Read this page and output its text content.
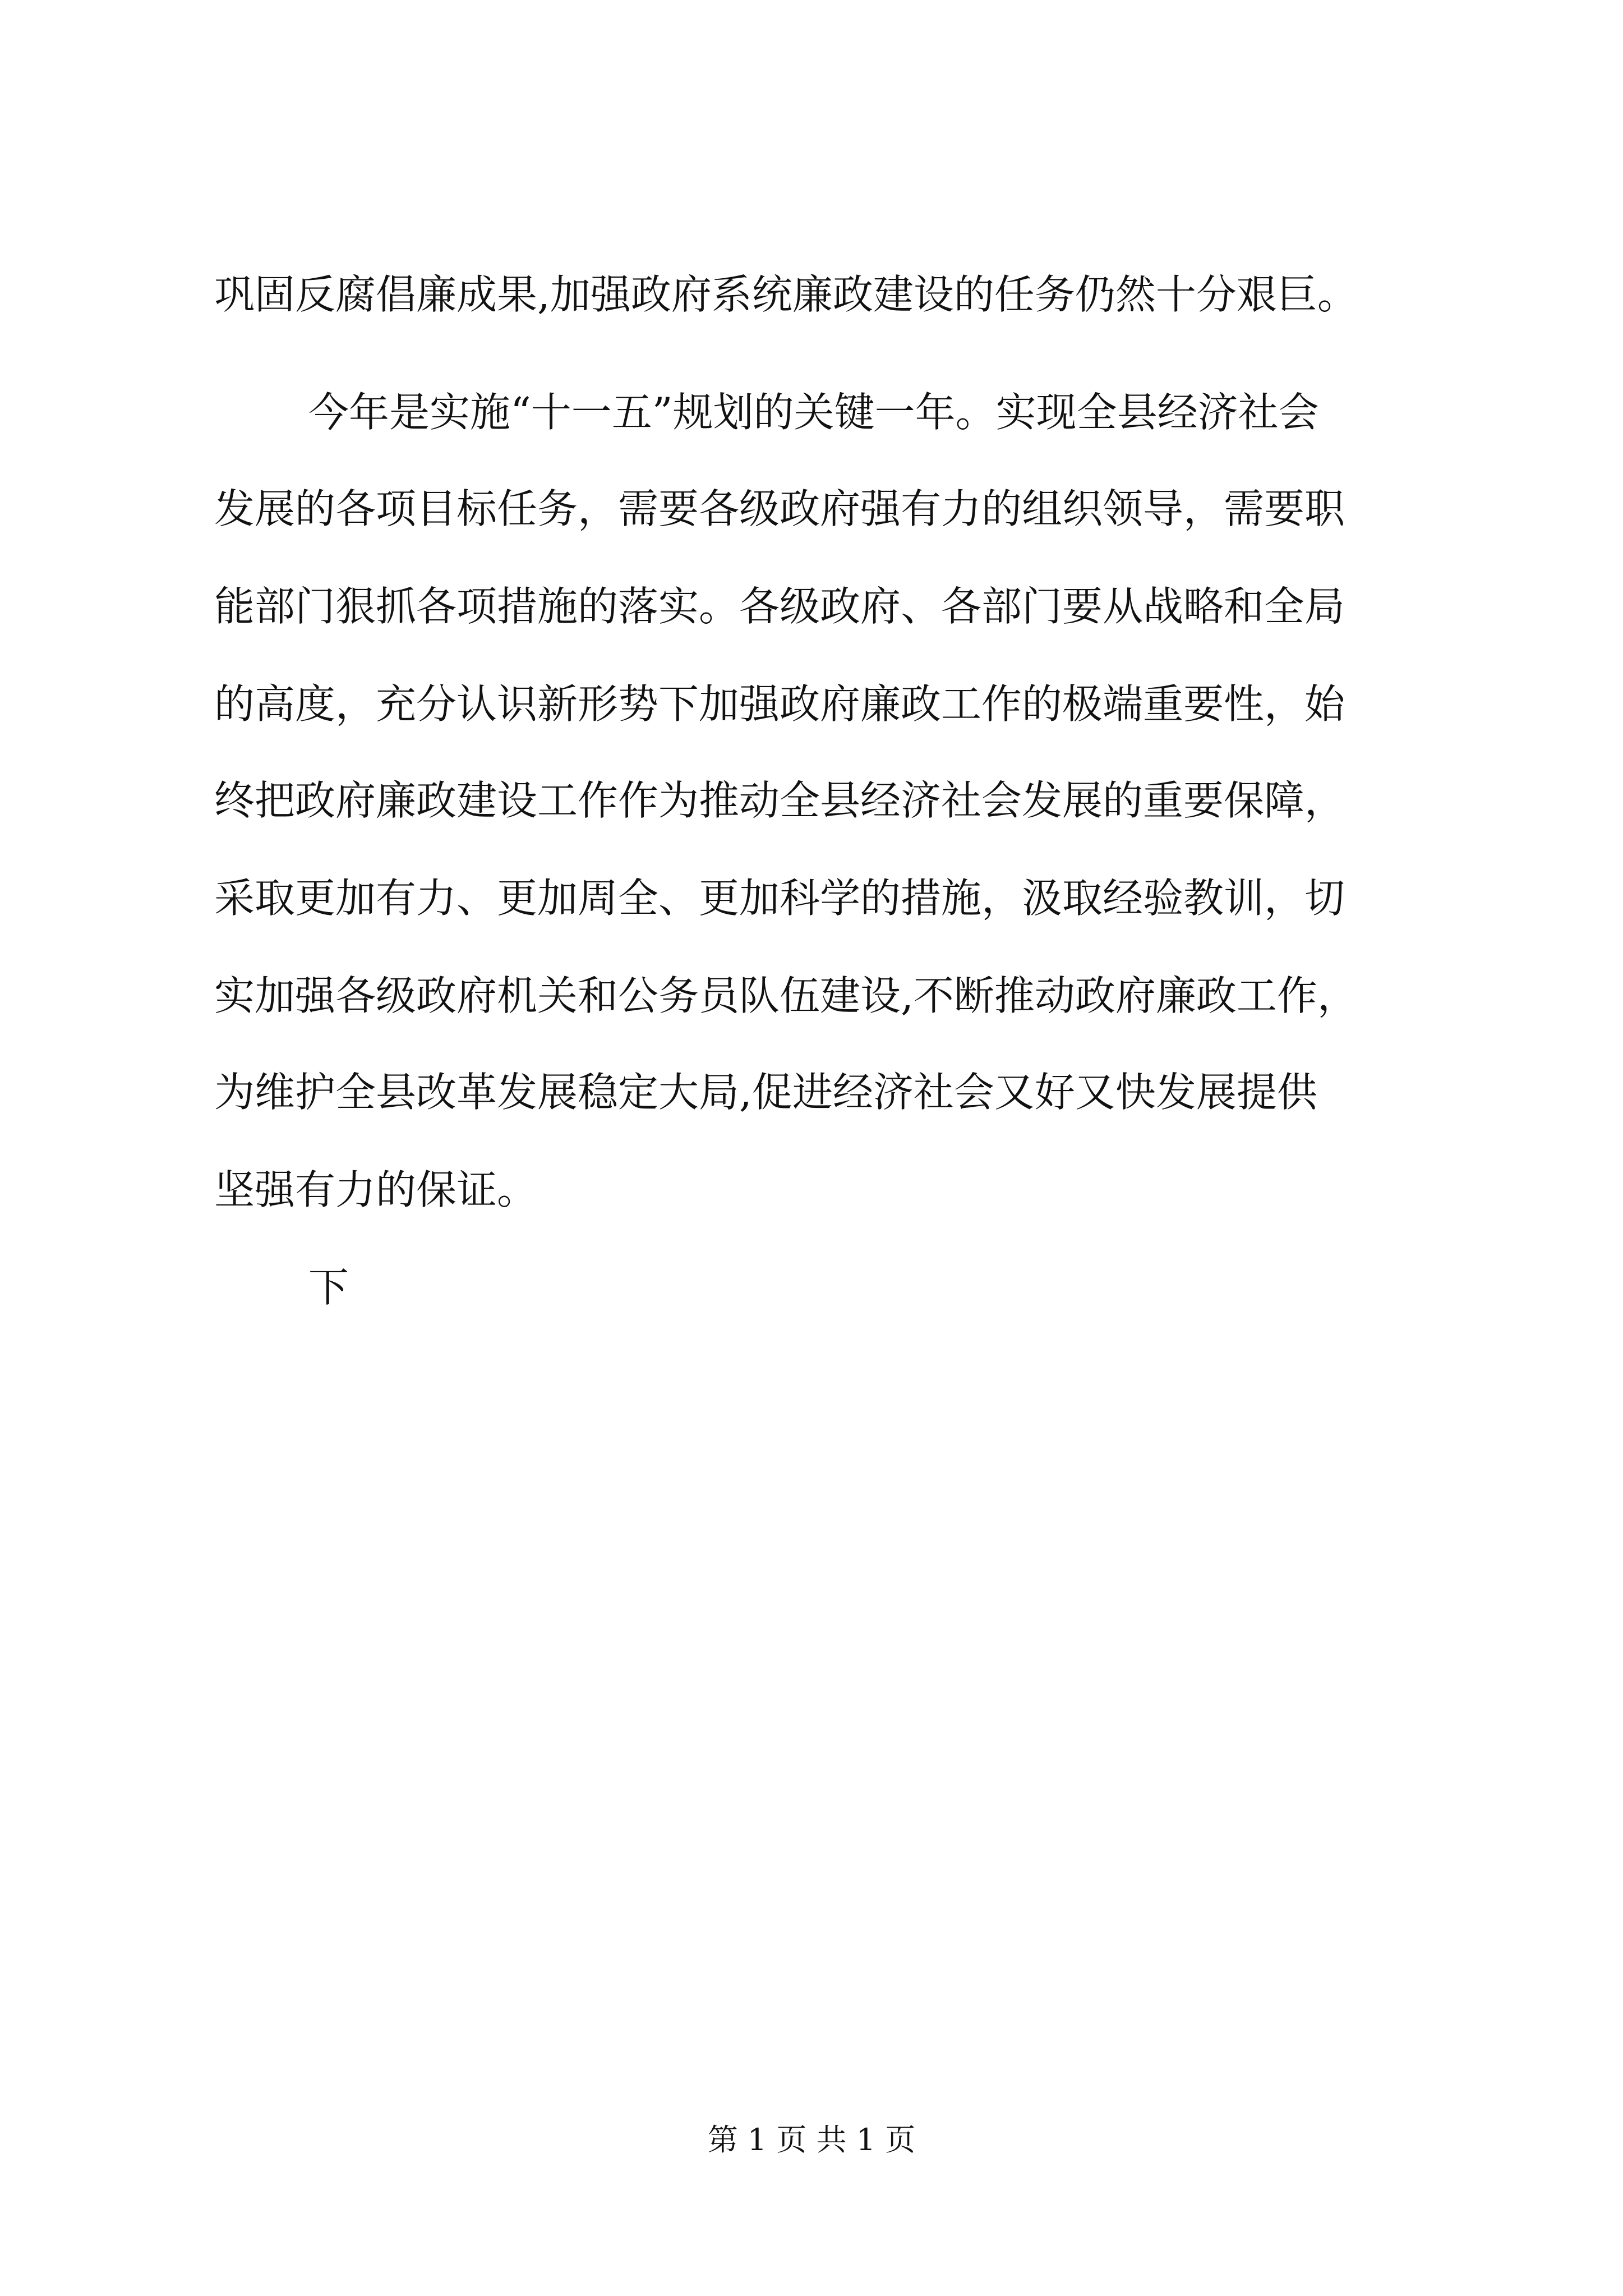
巩固反腐倡廉成果,加强政府系统廉政建设的任务仍然十分艰巨。
今年是实施“十一五”规划的关键一年。实现全县经济社会
发展的各项目标任务，需要各级政府强有力的组织领导，需要职
能部门狠抓各项措施的落实。各级政府、各部门要从战略和全局
的高度，充分认识新形势下加强政府廉政工作的极端重要性，始
终把政府廉政建设工作作为推动全县经济社会发展的重要保障，
采取更加有力、更加周全、更加科学的措施，汲取经验教训，切
实加强各级政府机关和公务员队伍建设,不断推动政府廉政工作，
为维护全县改革发展稳定大局,促进经济社会又好又快发展提供
坚强有力的保证。
下
第 1 页 共 1 页
